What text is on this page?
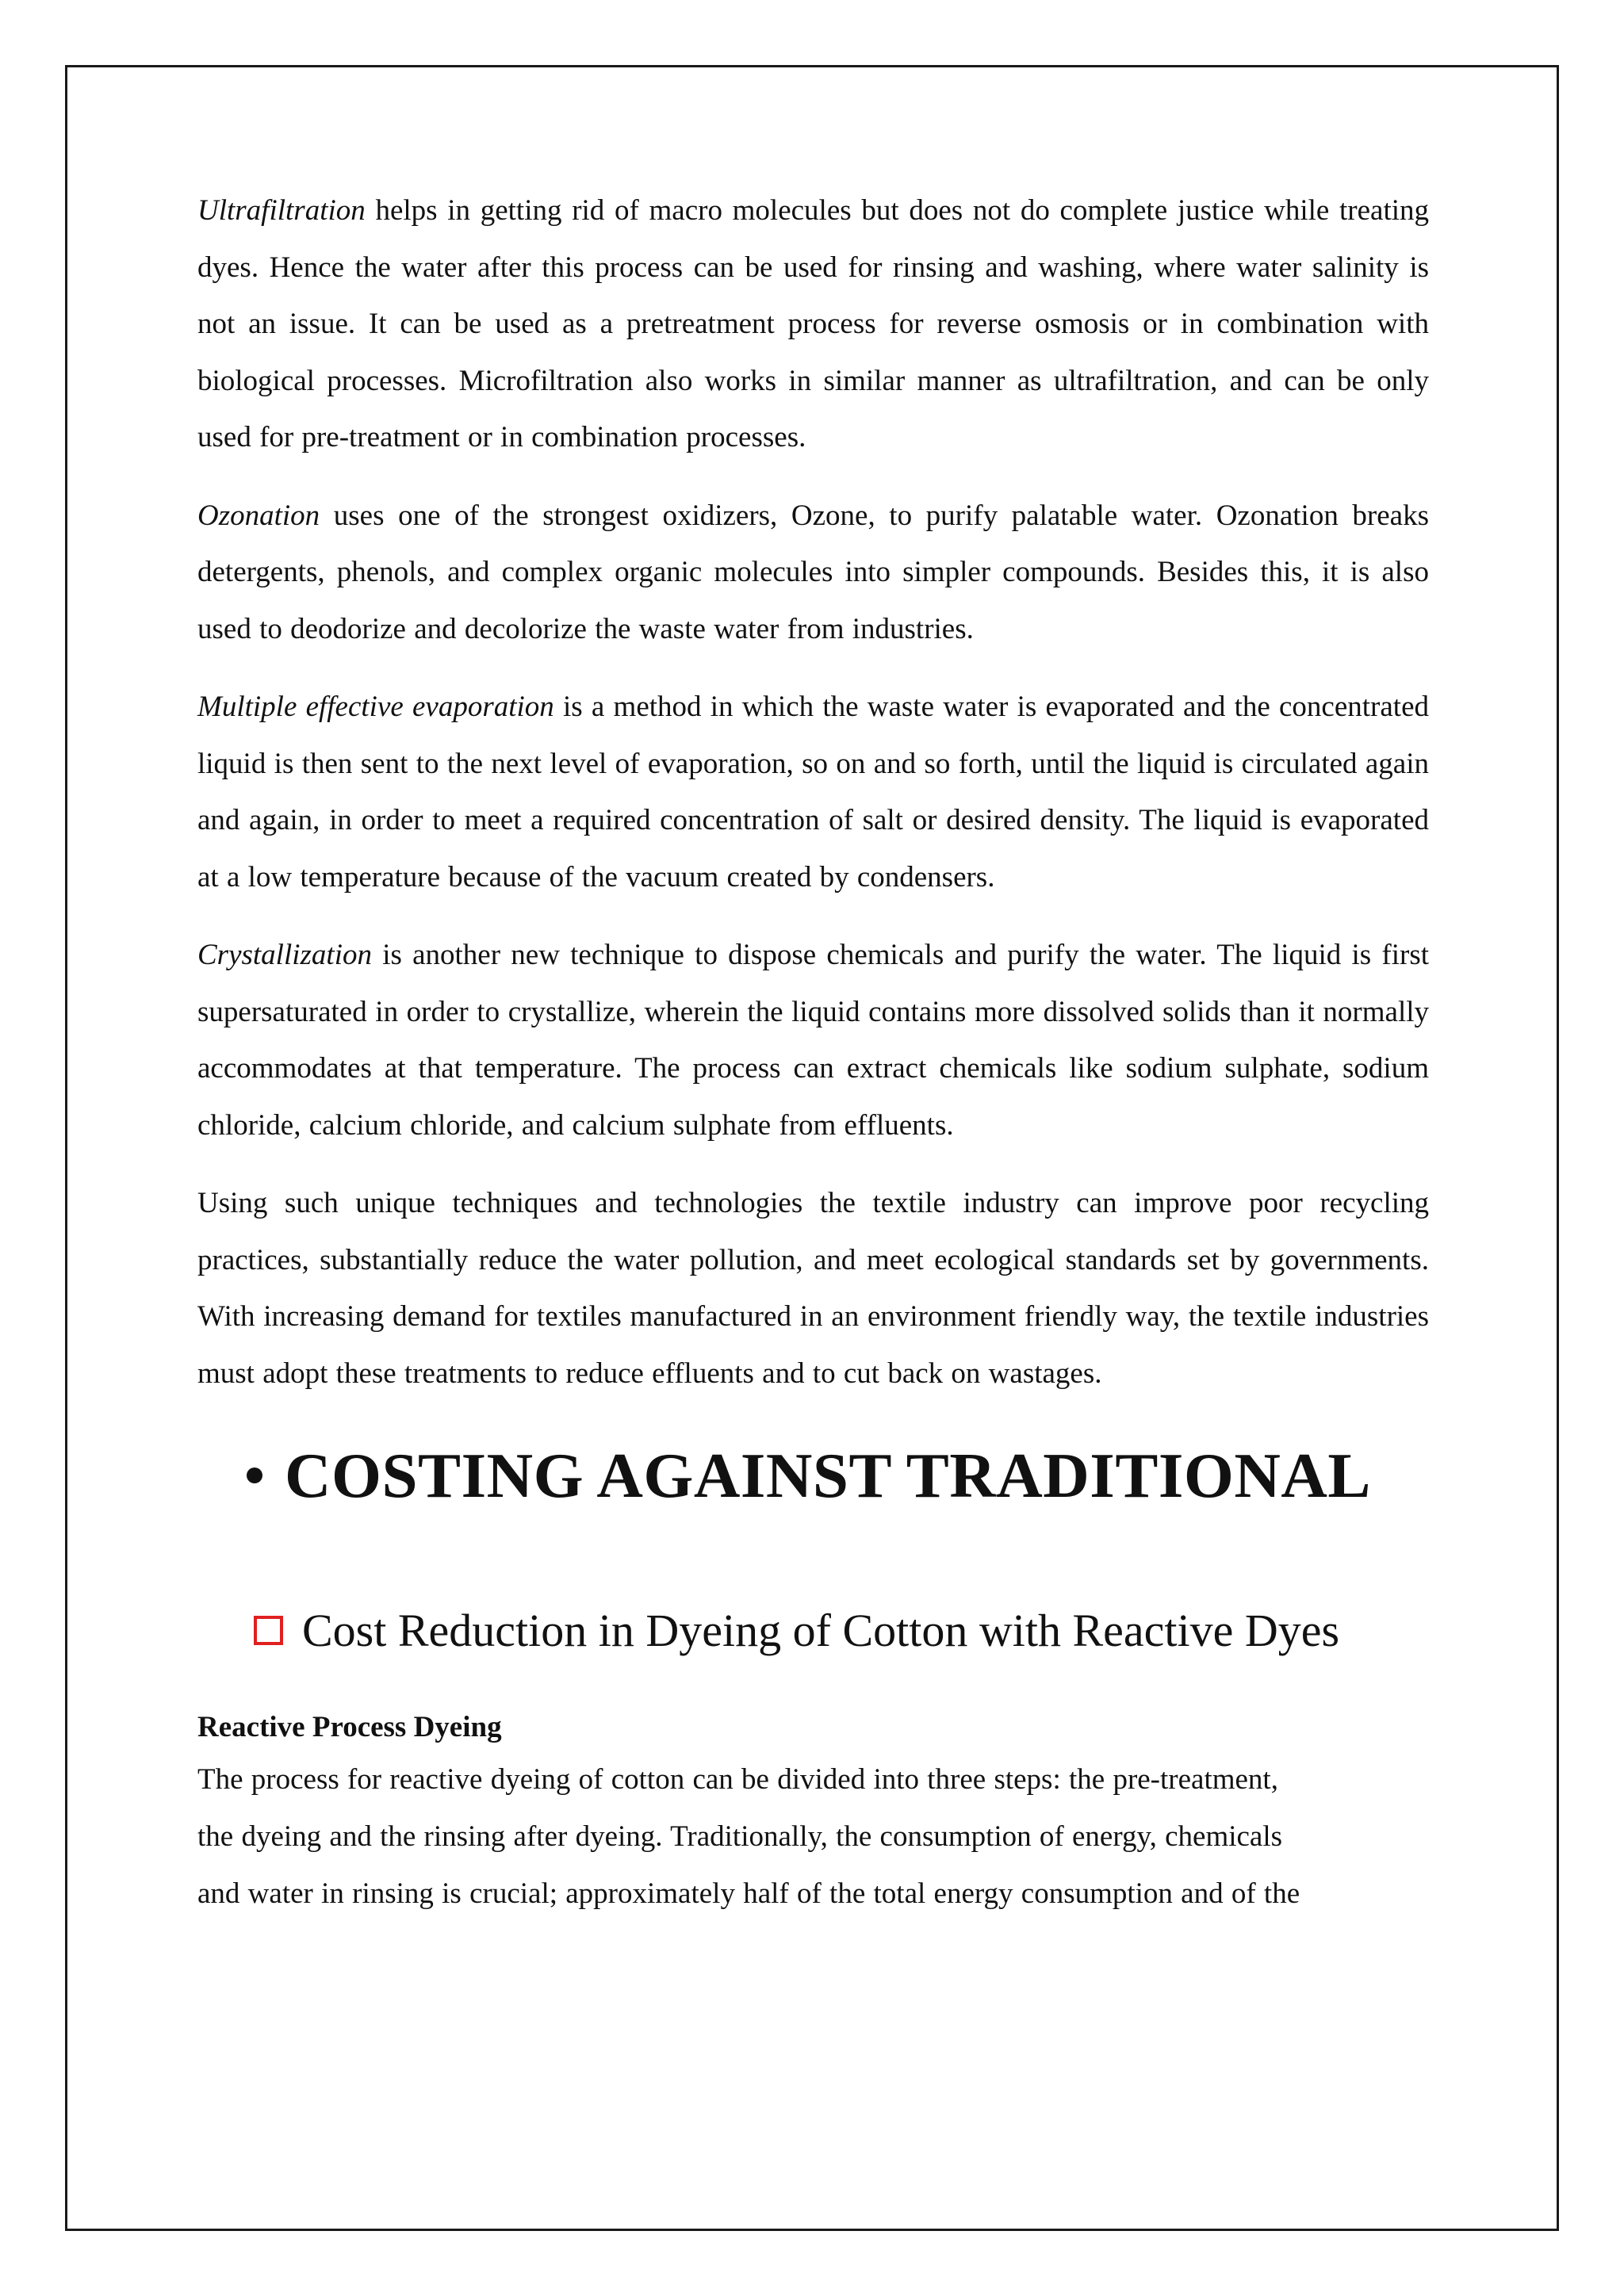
Ultrafiltration helps in getting rid of macro molecules but does not do complete justice while treating dyes. Hence the water after this process can be used for rinsing and washing, where water salinity is not an issue. It can be used as a pretreatment process for reverse osmosis or in combination with biological processes. Microfiltration also works in similar manner as ultrafiltration, and can be only used for pre-treatment or in combination processes.

Ozonation uses one of the strongest oxidizers, Ozone, to purify palatable water. Ozonation breaks detergents, phenols, and complex organic molecules into simpler compounds. Besides this, it is also used to deodorize and decolorize the waste water from industries.

Multiple effective evaporation is a method in which the waste water is evaporated and the concentrated liquid is then sent to the next level of evaporation, so on and so forth, until the liquid is circulated again and again, in order to meet a required concentration of salt or desired density. The liquid is evaporated at a low temperature because of the vacuum created by condensers.

Crystallization is another new technique to dispose chemicals and purify the water. The liquid is first supersaturated in order to crystallize, wherein the liquid contains more dissolved solids than it normally accommodates at that temperature. The process can extract chemicals like sodium sulphate, sodium chloride, calcium chloride, and calcium sulphate from effluents.

Using such unique techniques and technologies the textile industry can improve poor recycling practices, substantially reduce the water pollution, and meet ecological standards set by governments. With increasing demand for textiles manufactured in an environment friendly way, the textile industries must adopt these treatments to reduce effluents and to cut back on wastages.

COSTING AGAINST TRADITIONAL
Cost Reduction in Dyeing of Cotton with Reactive Dyes
Reactive Process Dyeing

The process for reactive dyeing of cotton can be divided into three steps: the pre-treatment,
the dyeing and the rinsing after dyeing. Traditionally, the consumption of energy, chemicals
and water in rinsing is crucial; approximately half of the total energy consumption and of the
